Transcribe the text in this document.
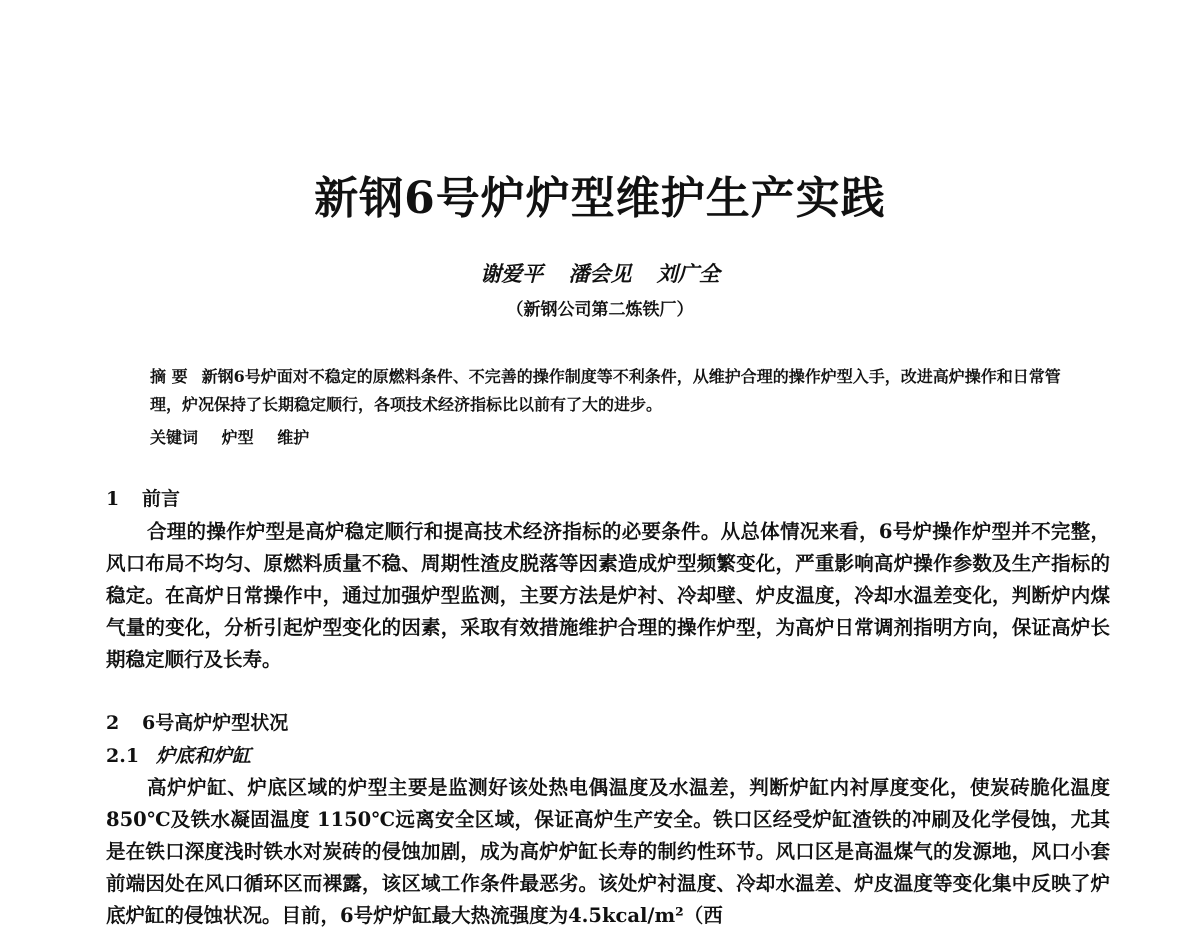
新钢6号炉炉型维护生产实践
谢爱平 潘会见 刘广全
（新钢公司第二炼铁厂）
摘 要 新钢6号炉面对不稳定的原燃料条件、不完善的操作制度等不利条件，从维护合理的操作炉型入手，改进高炉操作和日常管理，炉况保持了长期稳定顺行，各项技术经济指标比以前有了大的进步。
关键词 炉型 维护
1 前言
合理的操作炉型是高炉稳定顺行和提高技术经济指标的必要条件。从总体情况来看，6号炉操作炉型并不完整，风口布局不均匀、原燃料质量不稳、周期性渣皮脱落等因素造成炉型频繁变化，严重影响高炉操作参数及生产指标的稳定。在高炉日常操作中，通过加强炉型监测，主要方法是炉衬、冷却壁、炉皮温度，冷却水温差变化，判断炉内煤气量的变化，分析引起炉型变化的因素，采取有效措施维护合理的操作炉型，为高炉日常调剂指明方向，保证高炉长期稳定顺行及长寿。
2 6号高炉炉型状况
2.1 炉底和炉缸
高炉炉缸、炉底区域的炉型主要是监测好该处热电偶温度及水温差，判断炉缸内衬厚度变化，使炭砖脆化温度 850℃及铁水凝固温度 1150℃远离安全区域，保证高炉生产安全。铁口区经受炉缸渣铁的冲刷及化学侵蚀，尤其是在铁口深度浅时铁水对炭砖的侵蚀加剧，成为高炉炉缸长寿的制约性环节。风口区是高温煤气的发源地，风口小套前端因处在风口循环区而裸露，该区域工作条件最恶劣。该处炉衬温度、冷却水温差、炉皮温度等变化集中反映了炉底炉缸的侵蚀状况。目前，6号炉炉缸最大热流强度为4.5kcal/m²（西
